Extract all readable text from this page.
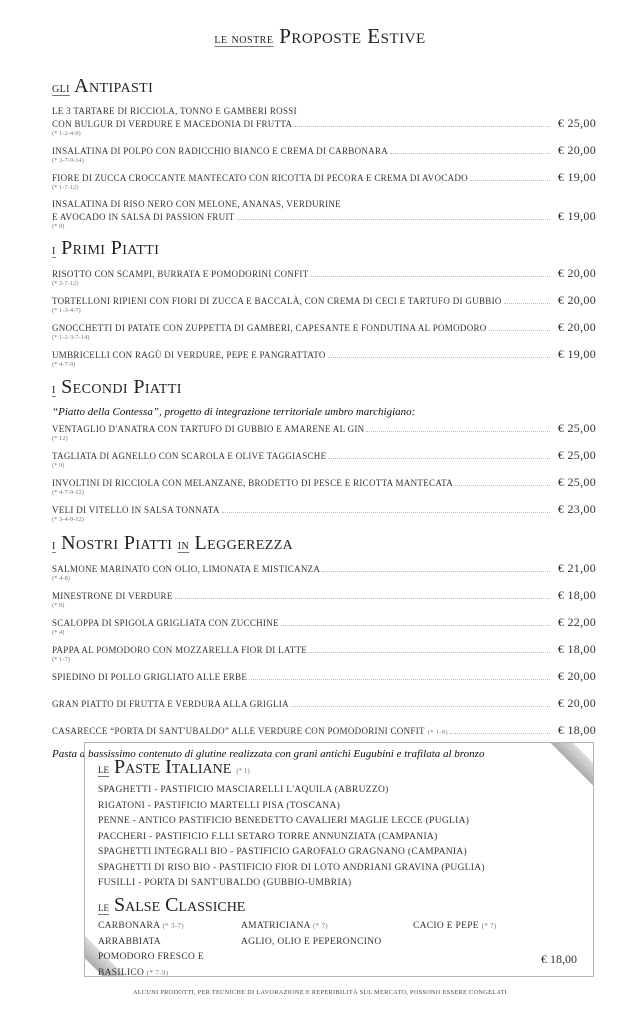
le nostre Proposte Estive
gli Antipasti
LE 3 TARTARE DI RICCIOLA, TONNO E GAMBERI ROSSI
CON BULGUR DI VERDURE E MACEDONIA DI FRUTTA	€ 25,00
(* 1-2-4-9)
INSALATINA DI POLPO CON RADICCHIO BIANCO E CREMA DI CARBONARA	€ 20,00
(* 3-7-9-14)
FIORE DI ZUCCA CROCCANTE MANTECATO CON RICOTTA DI PECORA E CREMA DI AVOCADO	€ 19,00
(* 1-7-12)
INSALATINA DI RISO NERO CON MELONE, ANANAS, VERDURINE
E AVOCADO IN SALSA DI PASSION FRUIT	€ 19,00
(* 9)
i Primi Piatti
RISOTTO CON SCAMPI, BURRATA E POMODORINI CONFIT	€ 20,00
(* 2-7-12)
TORTELLONI RIPIENI CON FIORI DI ZUCCA E BACCALÀ, CON CREMA DI CECI E TARTUFO DI GUBBIO	€ 20,00
(* 1-3-4-7)
GNOCCHETTI DI PATATE CON ZUPPETTA DI GAMBERI, CAPESANTE E FONDUTINA AL POMODORO	€ 20,00
(* 1-2-3-7-14)
UMBRICELLI CON RAGÙ DI VERDURE, PEPE E PANGRATTATO	€ 19,00
(* 4-7-9)
i Secondi Piatti
“Piatto della Contessa”, progetto di integrazione territoriale umbro marchigiano:
VENTAGLIO D'ANATRA CON TARTUFO DI GUBBIO E AMARENE AL GIN	€ 25,00
(* 12)
TAGLIATA DI AGNELLO CON SCAROLA E OLIVE TAGGIASCHE	€ 25,00
(* 9)
INVOLTINI DI RICCIOLA CON MELANZANE, BRODETTO DI PESCE E RICOTTA MANTECATA	€ 25,00
(* 4-7-9-12)
VELI DI VITELLO IN SALSA TONNATA	€ 23,00
(* 3-4-9-12)
i Nostri Piatti in Leggerezza
SALMONE MARINATO CON OLIO, LIMONATA E MISTICANZA	€ 21,00
(* 4-8)
MINESTRONE DI VERDURE	€ 18,00
(* 9)
SCALOPPA DI SPIGOLA GRIGLIATA CON ZUCCHINE	€ 22,00
(* 4)
PAPPA AL POMODORO CON MOZZARELLA FIOR DI LATTE	€ 18,00
(* 1-7)
SPIEDINO DI POLLO GRIGLIATO ALLE ERBE	€ 20,00
GRAN PIATTO DI FRUTTA E VERDURA ALLA GRIGLIA	€ 20,00
CASARECCE “PORTA DI SANT'UBALDO” ALLE VERDURE CON POMODORINI CONFIT (* 1-9)	€ 18,00
Pasta a bassissimo contenuto di glutine realizzata con grani antichi Eugubini e trafilata al bronzo
le Paste Italiane (* 1)
SPAGHETTI - PASTIFICIO MASCIARELLI L'AQUILA (ABRUZZO)
RIGATONI - PASTIFICIO MARTELLI PISA (TOSCANA)
PENNE - ANTICO PASTIFICIO BENEDETTO CAVALIERI MAGLIE LECCE (PUGLIA)
PACCHERI - PASTIFICIO F.LLI SETARO TORRE ANNUNZIATA (CAMPANIA)
SPAGHETTI INTEGRALI BIO - PASTIFICIO GAROFALO GRAGNANO (CAMPANIA)
SPAGHETTI DI RISO BIO - PASTIFICIO FIOR DI LOTO ANDRIANI GRAVINA (PUGLIA)
FUSILLI - PORTA DI SANT'UBALDO (GUBBIO-UMBRIA)
le Salse Classiche
CARBONARA (* 3-7)	AMATRICIANA (* 7)	CACIO E PEPE (* 7)
ARRABBIATA	AGLIO, OLIO E PEPERONCINO
POMODORO FRESCO E BASILICO (* 7-9)
€ 18,00
ALCUNI PRODOTTI, PER TECNICHE DI LAVORAZIONE E REPERIBILITÀ SUL MERCATO, POSSONO ESSERE CONGELATI
